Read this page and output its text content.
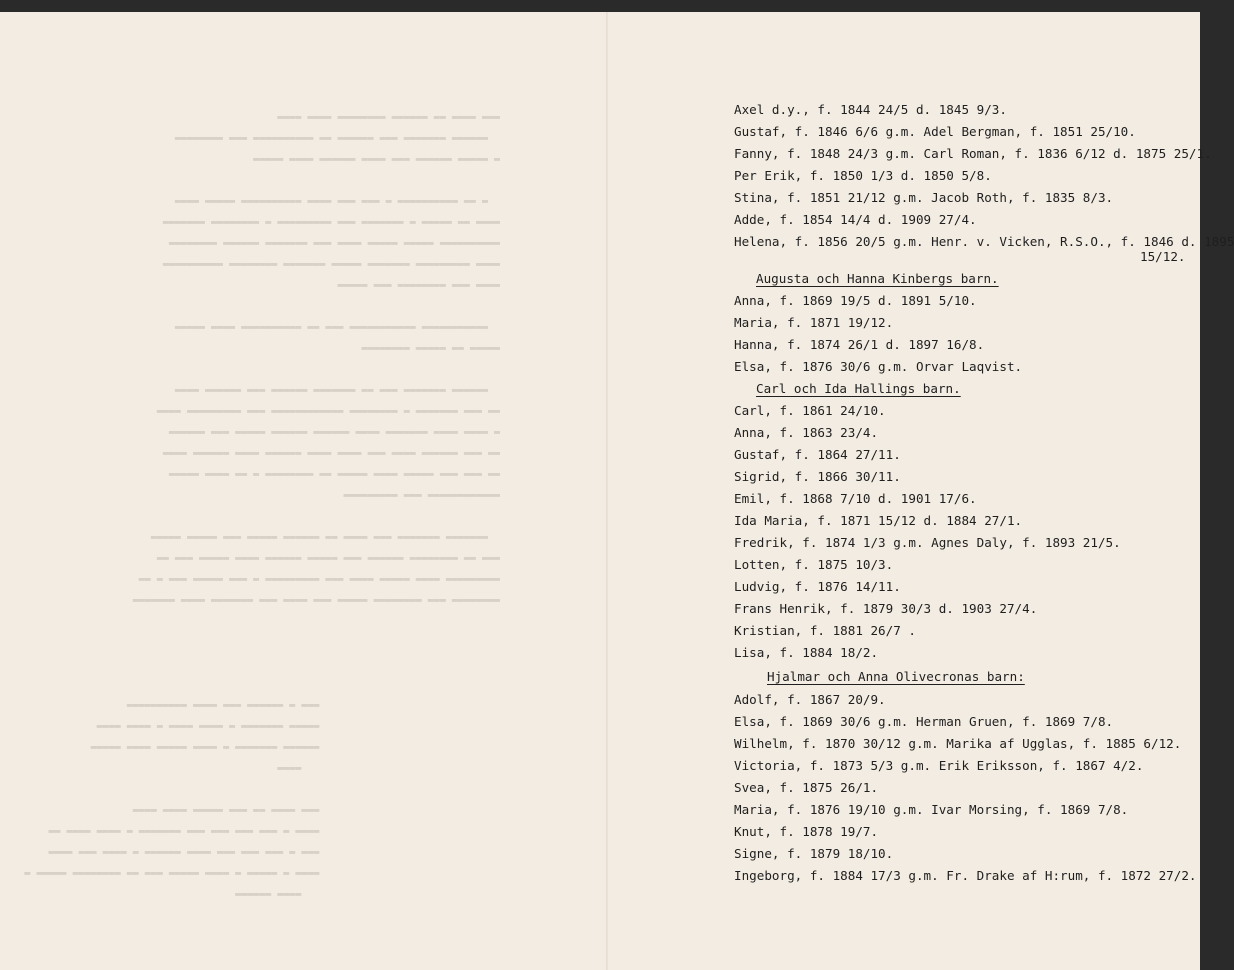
▬▬▬ ▬▬▬▬ ▬▬ ▬▬▬▬▬▬ ▬▬▬▬▬▬▬▬ ▬▬▬▬ ▬▬▬▬
▬▬▬▬▬▬ ▬▬▬▬▬▬▬ ▬▬▬ ▬▬▬▬▬▬ ▬▬ ▬▬▬▬▬▬▬▬▬▬ ▬▬▬ ▬▬▬▬▬▬▬▬
▬ ▬▬▬▬▬ ▬▬▬▬▬▬ ▬▬▬ ▬▬▬▬ ▬▬▬▬▬▬ ▬▬▬▬ ▬▬▬▬▬

▬ ▬▬ ▬▬▬▬▬▬▬▬▬▬ ▬ ▬▬▬ ▬▬▬ ▬▬▬▬ ▬▬▬▬▬▬▬▬▬▬ ▬▬▬▬▬ ▬▬▬▬
▬▬▬▬ ▬▬ ▬▬▬▬▬ ▬ ▬▬▬▬▬▬▬ ▬▬▬ ▬▬▬▬▬▬▬▬▬ ▬ ▬▬▬▬▬▬▬▬ ▬▬▬▬▬▬▬
▬▬▬▬▬▬▬▬▬▬ ▬▬▬▬▬ ▬▬▬▬▬ ▬▬▬▬ ▬▬▬ ▬▬▬▬▬▬▬ ▬▬▬▬▬▬ ▬▬▬▬▬▬▬▬
▬▬▬▬ ▬▬▬▬▬▬▬▬▬ ▬▬▬▬▬▬▬ ▬▬▬▬▬ ▬▬▬▬▬▬▬ ▬▬▬▬▬▬▬▬ ▬▬▬▬▬▬▬▬▬▬
▬▬▬▬ ▬▬▬ ▬▬▬▬▬▬▬▬ ▬▬▬ ▬▬▬▬▬

▬▬▬▬▬▬▬▬▬▬▬ ▬▬▬▬▬▬▬▬▬▬▬ ▬▬▬ ▬▬ ▬▬▬▬▬▬▬▬▬▬ ▬▬▬▬ ▬▬▬▬▬
▬▬▬▬▬ ▬▬ ▬▬▬▬▬ ▬▬▬▬▬▬▬▬

▬▬▬▬▬▬ ▬▬▬▬▬▬▬ ▬▬▬ ▬▬ ▬▬▬▬▬▬▬ ▬▬▬▬▬▬ ▬▬▬ ▬▬▬▬▬▬ ▬▬▬▬
▬▬ ▬▬▬ ▬▬▬▬▬▬▬ ▬ ▬▬▬▬▬▬▬▬ ▬▬▬▬▬▬▬▬▬▬▬▬ ▬▬▬ ▬▬▬▬▬▬▬▬▬ ▬▬▬▬
▬ ▬▬▬▬ ▬▬▬▬ ▬▬▬▬▬▬▬ ▬▬▬▬ ▬▬▬▬▬▬ ▬▬▬▬▬▬ ▬▬▬▬▬ ▬▬▬ ▬▬▬▬▬▬
▬▬ ▬▬▬ ▬▬▬▬▬▬ ▬▬▬▬ ▬▬▬ ▬▬▬▬ ▬▬▬▬ ▬▬▬▬▬▬ ▬▬▬▬ ▬▬▬▬▬▬ ▬▬▬▬
▬▬ ▬▬▬ ▬▬▬ ▬▬▬▬▬ ▬▬▬▬ ▬▬▬▬▬ ▬▬ ▬▬▬▬▬▬▬▬ ▬ ▬▬ ▬▬▬▬ ▬▬▬▬▬
▬▬▬▬▬▬▬▬▬▬▬▬ ▬▬▬ ▬▬▬▬▬▬▬▬▬

▬▬▬▬▬▬▬ ▬▬▬▬▬▬▬ ▬▬▬ ▬▬▬▬ ▬▬ ▬▬▬▬▬▬ ▬▬▬▬▬ ▬▬▬ ▬▬▬▬▬ ▬▬▬▬▬
▬▬▬ ▬▬ ▬▬▬▬▬▬▬▬ ▬▬▬▬▬▬ ▬▬▬ ▬▬▬▬▬ ▬▬▬▬▬▬ ▬▬▬▬ ▬▬▬▬▬ ▬▬▬ ▬▬
▬▬▬▬▬▬▬▬▬ ▬▬▬▬ ▬▬▬▬▬ ▬▬▬▬ ▬▬▬ ▬▬▬▬▬▬▬▬▬ ▬ ▬▬▬ ▬▬▬▬▬ ▬▬▬ ▬ ▬▬
▬▬▬▬▬▬▬▬ ▬▬▬ ▬▬▬▬▬▬▬▬ ▬▬▬▬▬ ▬▬▬ ▬▬▬▬ ▬▬▬ ▬▬▬▬▬▬▬ ▬▬▬▬ ▬▬▬▬▬▬▬

▬▬▬ ▬ ▬▬▬▬▬▬ ▬▬▬ ▬▬▬▬ ▬▬▬▬▬▬▬▬▬▬
▬▬▬▬▬ ▬▬▬▬▬▬▬ ▬ ▬▬▬▬ ▬▬▬▬ ▬ ▬▬▬▬ ▬▬▬▬
▬▬▬▬▬▬ ▬▬▬▬▬▬▬ ▬ ▬▬▬▬ ▬▬▬▬▬ ▬▬▬▬ ▬▬▬▬▬
▬▬▬▬

▬▬▬ ▬▬▬▬ ▬▬ ▬▬▬ ▬▬▬▬▬ ▬▬▬▬ ▬▬▬▬
▬▬▬▬ ▬ ▬▬▬ ▬▬▬ ▬▬▬ ▬▬▬ ▬▬▬▬▬▬▬ ▬ ▬▬▬▬ ▬▬▬▬ ▬▬
▬▬▬ ▬ ▬▬▬ ▬▬▬ ▬▬▬ ▬▬▬▬ ▬▬▬▬▬▬ ▬ ▬▬▬▬ ▬▬▬ ▬▬▬▬
▬▬▬▬ ▬ ▬▬▬▬▬ ▬ ▬▬▬▬ ▬▬▬▬▬ ▬▬▬ ▬▬ ▬▬▬▬▬▬▬▬ ▬▬▬▬▬ ▬
▬▬▬▬ ▬▬▬▬▬▬
Axel d.y., f. 1844 24/5 d. 1845 9/3.
Gustaf, f. 1846 6/6 g.m. Adel Bergman, f. 1851 25/10.
Fanny, f. 1848 24/3 g.m. Carl Roman, f. 1836 6/12 d. 1875 25/1.
Per Erik, f. 1850 1/3 d. 1850 5/8.
Stina, f. 1851 21/12 g.m. Jacob Roth, f. 1835 8/3.
Adde, f. 1854 14/4 d. 1909 27/4.
Helena, f. 1856 20/5 g.m. Henr. v. Vicken, R.S.O., f. 1846 d. 1895
15/12.
Augusta och Hanna Kinbergs barn.
Anna, f. 1869 19/5 d. 1891 5/10.
Maria, f. 1871 19/12.
Hanna, f. 1874 26/1 d. 1897 16/8.
Elsa, f. 1876 30/6 g.m. Orvar Laqvist.
Carl och Ida Hallings barn.
Carl, f. 1861 24/10.
Anna, f. 1863 23/4.
Gustaf, f. 1864 27/11.
Sigrid, f. 1866 30/11.
Emil, f. 1868 7/10 d. 1901 17/6.
Ida Maria, f. 1871 15/12 d. 1884 27/1.
Fredrik, f. 1874 1/3 g.m. Agnes Daly, f. 1893 21/5.
Lotten, f. 1875 10/3.
Ludvig, f. 1876 14/11.
Frans Henrik, f. 1879 30/3 d. 1903 27/4.
Kristian, f. 1881 26/7 .
Lisa, f. 1884 18/2.
Hjalmar och Anna Olivecronas barn:
Adolf, f. 1867 20/9.
Elsa, f. 1869 30/6 g.m. Herman Gruen, f. 1869 7/8.
Wilhelm, f. 1870 30/12 g.m. Marika af Ugglas, f. 1885 6/12.
Victoria, f. 1873 5/3 g.m. Erik Eriksson, f. 1867 4/2.
Svea, f. 1875 26/1.
Maria, f. 1876 19/10 g.m. Ivar Morsing, f. 1869 7/8.
Knut, f. 1878 19/7.
Signe, f. 1879 18/10.
Ingeborg, f. 1884 17/3 g.m. Fr. Drake af H:rum, f. 1872 27/2.
